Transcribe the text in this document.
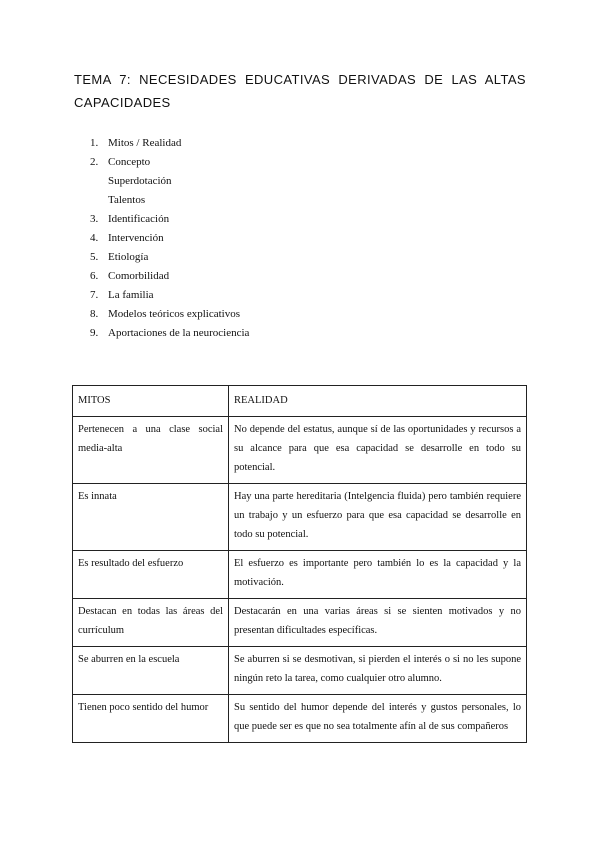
TEMA 7: NECESIDADES EDUCATIVAS DERIVADAS DE LAS ALTAS CAPACIDADES
1. Mitos / Realidad
2. Concepto
Superdotación
Talentos
3. Identificación
4. Intervención
5. Etiología
6. Comorbilidad
7. La familia
8. Modelos teóricos explicativos
9. Aportaciones de la neurociencia
MITOS	REALIDAD
Pertenecen a una clase social media-alta	No depende del estatus, aunque sí de las oportunidades y recursos a su alcance para que esa capacidad se desarrolle en todo su potencial.
Es innata	Hay una parte hereditaria (Intelgencia fluida) pero también requiere un trabajo y un esfuerzo para que esa capacidad se desarrolle en todo su potencial.
Es resultado del esfuerzo	El esfuerzo es importante pero también lo es la capacidad y la motivación.
Destacan en todas las áreas del currículum	Destacarán en una varias áreas si se sienten motivados y no presentan dificultades específicas.
Se aburren en la escuela	Se aburren si se desmotivan, si pierden el interés o si no les supone ningún reto la tarea, como cualquier otro alumno.
Tienen poco sentido del humor	Su sentido del humor depende del interés y gustos personales, lo que puede ser es que no sea totalmente afín al de sus compañeros
